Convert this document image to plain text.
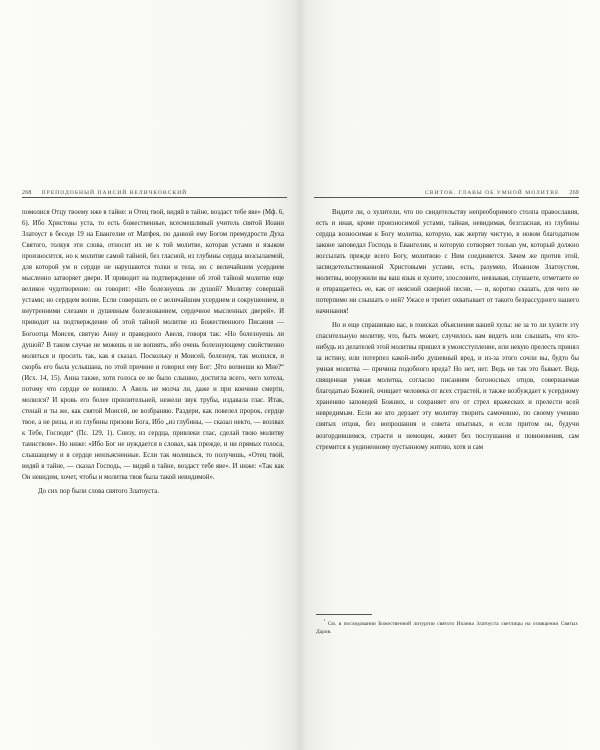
268 ПРЕПОДОБНЫЙ ПАИСИЙ ВЕЛИЧКОВСКИЙ

помолися Отцу твоему иже в тайне: и Отец твой, видяй в тайне, воздаст тебе яве» (Мф. 6, 6). Ибо Христовы уста, то есть божественные, всесмешливый учитель святой Иоанн Златоуст в беседе 19 на Евангелие от Матфея, по данной ему Богом премудрости Духа Святого, толкуя эти слова, относит их не к той молитве, которая устами и языком произносится, но к молитве самой тайной, без гласной, из глубины сердца возсылаемой, для которой ум и сердце не нарушаются толки и тела, но с величайшим усердием мысленно затворяет двери. И приводит на подтверждение об этой тайной молитве еще великое чудотворение: он говорит: «Не болезнуешь ли душой? Молитву совершай устами; но сердцем вопии. Если совершать ее с величайшим усердием и сокрушением, и внутренними слезами и душевным болезнованием, сердечное мысленных дверей». И приводит на подтверждение об этой тайной молитве из Божественного Писания — Богоотца Моисея, святую Анну и праведного Авеля, говоря так: «Но болезнуешь ли душой? В таком случае не можешь и не вопиять, ибо очень болезнующему свойственно молиться и просить так, как я сказал. Поскольку и Моисей, болезнуя, так молился, и скорбь его была услышана, по этой причине и говорил ему Бог: „Что вопиеши ко Мне?“ (Исх. 14, 15). Анна также, хотя голоса ее не было слышно, достигла всего, чего хотела, потому что сердце ее вопияло. А Авель не молча ли, даже и при кончине смерти, молился? И кровь его более пронзительней, нежели звук трубы, издавала глас. Итак, стенай и ты же, как святой Моисей, не возбраняю. Раздери, как повелел пророк, сердце твое, а не ризы, и из глубины призови Бога, Ибо „из глубины, — сказал некто, — воззвах к Тебе, Господи“ (Пс. 129, 1). Снизу, из сердца, привлеки глас, сделай твою молитву таинством». Но ниже: «Ибо Бог не нуждается в словах, как прежде, и ни прямых голоса, слышащему и в сердце неизъясненные. Если так молишься, то получишь, «Отец твой, видяй в тайне, — сказал Господь, — видяй в тайне, воздаст тебе яве». И ниже: «Так как Он невидим, хочет, чтобы и молитва твоя была такой невидимой».

До сих пор были слова святого Златоуста.

СВИТОК. ГЛАВЫ ОБ УМНОЙ МОЛИТВЕ 269

Видите ли, о хулители, что по свидетельству непреоборимого столпа православия, есть и иная, кроме произносимой устами, тайная, невидимая, безгласная, из глубины сердца возносимая к Богу молитва, которую, как жертву чистую, в новом благодатном законе заповедал Господь в Евангелии, и которую сотворяет только ум, который должно воссылать прежде всего Богу, молитвою с Ним соединяется. Зачем же против этой, засвидетельствованной Христовыми устами, есть, разумею, Иоанном Златоустом, молитвы, вооружили вы ваш язык и хулите, злословите, невзывая, слушаете, отметаете ее и отвращаетесь ее, как от неясной скверной песни, — и, коротко сказать, для чего не потерпимо ни слышать о ней? Ужасе и трепет охватывает от такого безрассудного нашего начинания!

Но и еще спрашиваю вас, в поисках объяснения вашей хулы: не за то ли хулите эту спасительную молитву, что, быть может, случилось вам видеть или слышать, что кто-нибудь из делателей этой молитвы пришел в умоисступление, или некую прелесть принял за истину, или потерпел какой-либо душевный вред, и из-за этого сочли вы, будто бы умная молитва — причина подобного вреда? Но нет, нет. Ведь не так это бывает. Ведь священная умная молитва, согласно писаниям богоносных отцов, совершаемая благодатью Божией, очищает человека от всех страстей, и также возбуждает к усердному хранению заповедей Божиих, и сохраняет его от стрел вражеских и прелести всей невредимым. Если же кто дерзает эту молитву творить самочинно, по своему учению святых отцов, без вопрошания и совета опытных, и если притом он, будучи возгордившимся, страсти и немощен, живет без послушания и повиновения, сам стремится к уединенному пустынному житию, хотя и сам

$^{^1}$ См. в последовании Божественной литургии святого Иоанна Златоуста светлицы на освящении Святых Даров.
